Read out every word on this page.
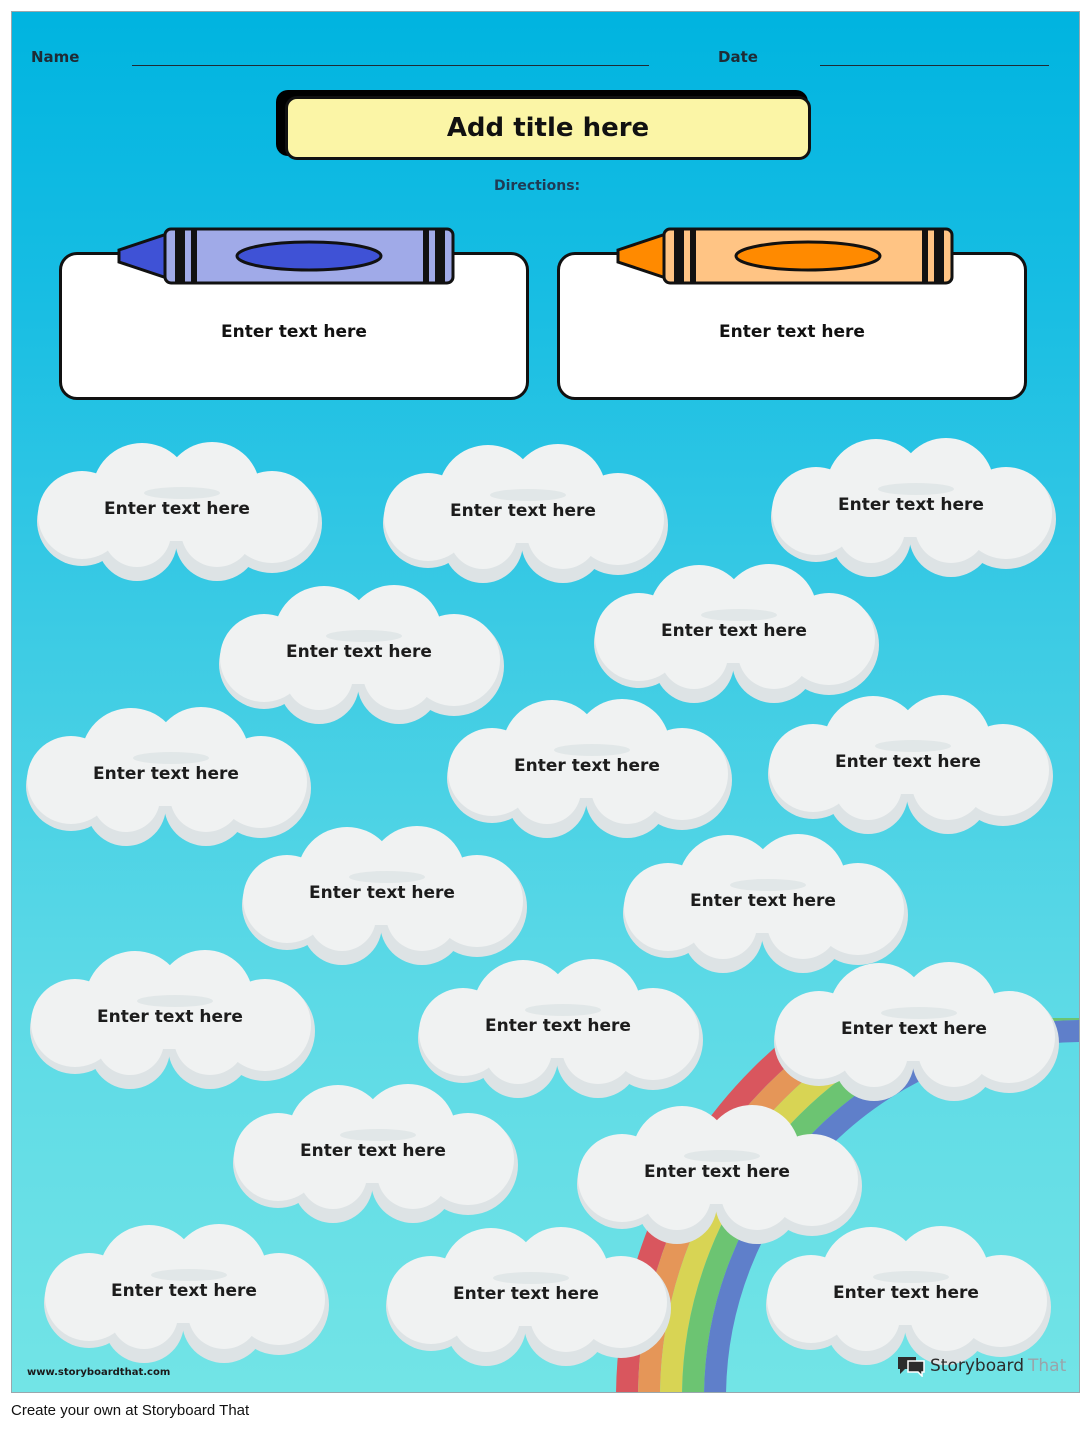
Name	Date
Add title here
Directions:
Enter text here	Enter text here
Enter text here	Enter text here	Enter text here
Enter text here
Enter text here
Enter text here	Enter text here	Enter text here
Enter text here	Enter text here
Enter text here	Enter text here	Enter text here
Enter text here
Enter text here
Enter text here	Enter text here	Enter text here
www.storyboardthat.com	Storyboard That
Create your own at Storyboard That
